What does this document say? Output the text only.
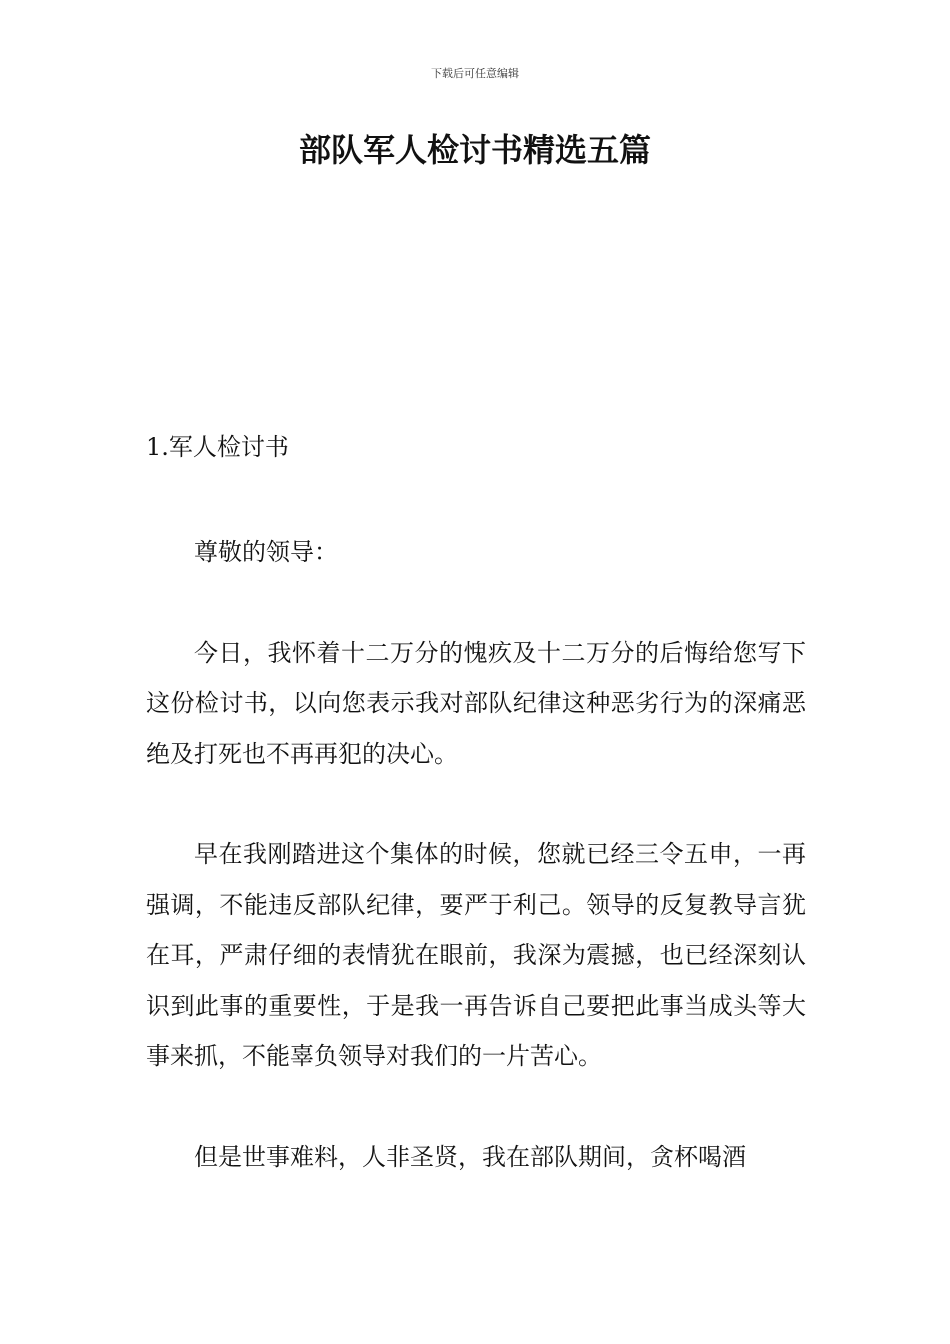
下载后可任意编辑
部队军人检讨书精选五篇
1.军人检讨书

尊敬的领导：

今日，我怀着十二万分的愧疚及十二万分的后悔给您写下这份检讨书，以向您表示我对部队纪律这种恶劣行为的深痛恶绝及打死也不再再犯的决心。

早在我刚踏进这个集体的时候，您就已经三令五申，一再强调，不能违反部队纪律，要严于利己。领导的反复教导言犹在耳，严肃仔细的表情犹在眼前，我深为震撼，也已经深刻认识到此事的重要性，于是我一再告诉自己要把此事当成头等大事来抓，不能辜负领导对我们的一片苦心。

但是世事难料，人非圣贤，我在部队期间，贪杯喝酒
